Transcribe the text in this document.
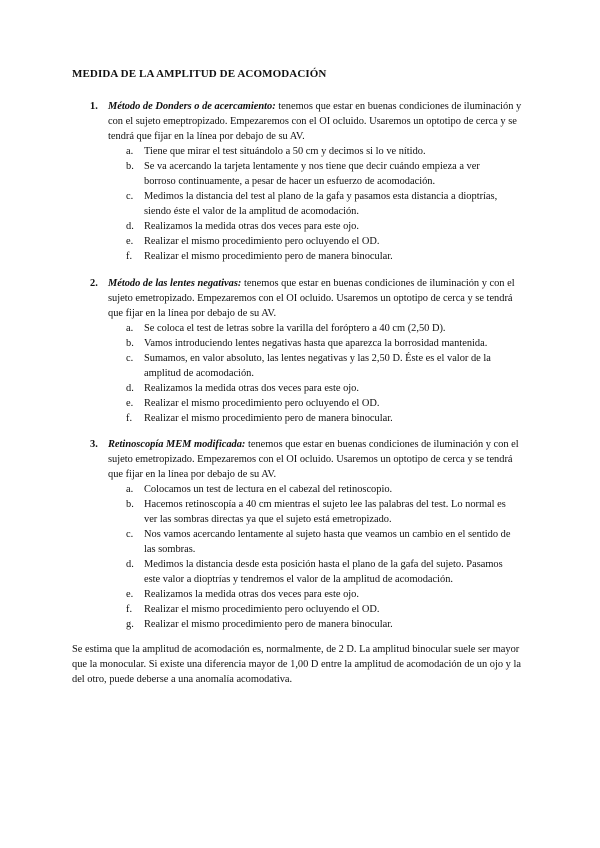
MEDIDA DE LA AMPLITUD DE ACOMODACIÓN
1. Método de Donders o de acercamiento: tenemos que estar en buenas condiciones de iluminación y con el sujeto emeptropizado. Empezaremos con el OI ocluido. Usaremos un optotipo de cerca y se tendrá que fijar en la línea por debajo de su AV.
a. Tiene que mirar el test situándolo a 50 cm y decimos si lo ve nítido.
b. Se va acercando la tarjeta lentamente y nos tiene que decir cuándo empieza a ver borroso continuamente, a pesar de hacer un esfuerzo de acomodación.
c. Medimos la distancia del test al plano de la gafa y pasamos esta distancia a dioptrías, siendo éste el valor de la amplitud de acomodación.
d. Realizamos la medida otras dos veces para este ojo.
e. Realizar el mismo procedimiento pero ocluyendo el OD.
f. Realizar el mismo procedimiento pero de manera binocular.
2. Método de las lentes negativas: tenemos que estar en buenas condiciones de iluminación y con el sujeto emetropizado. Empezaremos con el OI ocluido. Usaremos un optotipo de cerca y se tendrá que fijar en la línea por debajo de su AV.
a. Se coloca el test de letras sobre la varilla del foróptero a 40 cm (2,50 D).
b. Vamos introduciendo lentes negativas hasta que aparezca la borrosidad mantenida.
c. Sumamos, en valor absoluto, las lentes negativas y las 2,50 D. Éste es el valor de la amplitud de acomodación.
d. Realizamos la medida otras dos veces para este ojo.
e. Realizar el mismo procedimiento pero ocluyendo el OD.
f. Realizar el mismo procedimiento pero de manera binocular.
3. Retinoscopía MEM modificada: tenemos que estar en buenas condiciones de iluminación y con el sujeto emetropizado. Empezaremos con el OI ocluido. Usaremos un optotipo de cerca y se tendrá que fijar en la línea por debajo de su AV.
a. Colocamos un test de lectura en el cabezal del retinoscopio.
b. Hacemos retinoscopía a 40 cm mientras el sujeto lee las palabras del test. Lo normal es ver las sombras directas ya que el sujeto está emetropizado.
c. Nos vamos acercando lentamente al sujeto hasta que veamos un cambio en el sentido de las sombras.
d. Medimos la distancia desde esta posición hasta el plano de la gafa del sujeto. Pasamos este valor a dioptrías y tendremos el valor de la amplitud de acomodación.
e. Realizamos la medida otras dos veces para este ojo.
f. Realizar el mismo procedimiento pero ocluyendo el OD.
g. Realizar el mismo procedimiento pero de manera binocular.
Se estima que la amplitud de acomodación es, normalmente, de 2 D. La amplitud binocular suele ser mayor que la monocular. Si existe una diferencia mayor de 1,00 D entre la amplitud de acomodación de un ojo y la del otro, puede deberse a una anomalía acomodativa.
